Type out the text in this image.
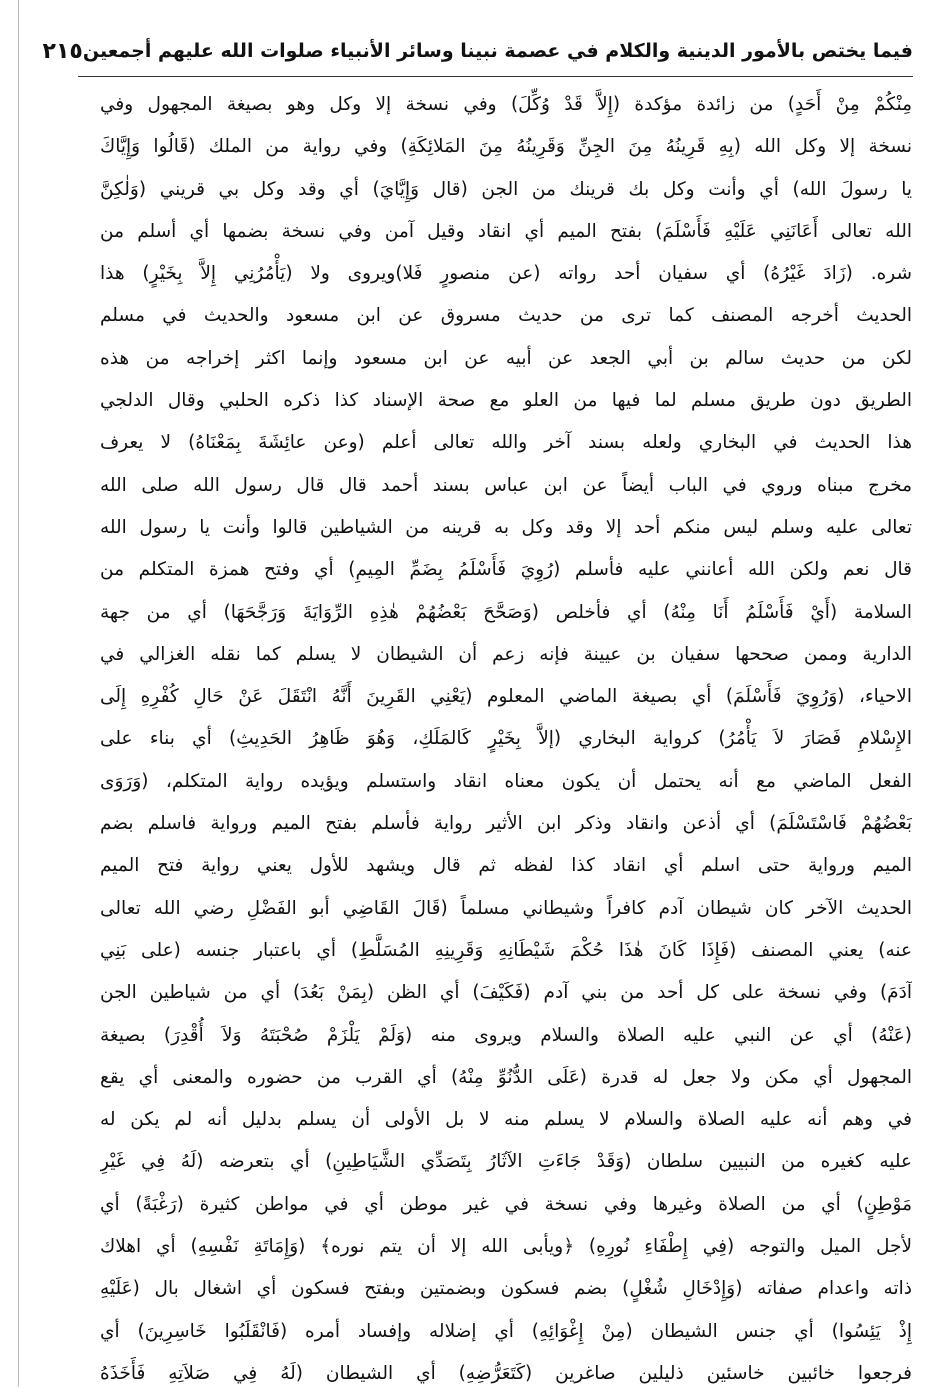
فيما يختص بالأمور الدينية والكلام في عصمة نبينا وسائر الأنبياء صلوات الله عليهم أجمعين
٢١٥
مِنْكُمْ مِنْ أَحَدٍ) من زائدة مؤكدة (إِلاَّ قَدْ وُكِّلَ) وفي نسخة إلا وكل وهو بصيغة المجهول وفي
نسخة إلا وكل الله (بِهِ قَرِينُهُ مِنَ الجِنِّ وَقَرِينُهُ مِنَ المَلائِكَةِ) وفي رواية من الملك (قَالُوا وَإِيَّاكَ
يا رسولَ الله) أي وأنت وكل بك قرينك من الجن (قال وَإِيَّايَ) أي وقد وكل بي قريني (وَلٰكِنَّ
الله تعالى أَعَانَنِي عَلَيْهِ فَأَسْلَمَ) بفتح الميم أي انقاد وقيل آمن وفي نسخة بضمها أي أسلم من
شره. (زَادَ غَيْرُهُ) أي سفيان أحد رواته (عن منصورٍ فَلا)ويروى ولا (يَأْمُرُنِي إِلاَّ بِخَيْرٍ) هذا
الحديث أخرجه المصنف كما ترى من حديث مسروق عن ابن مسعود والحديث في مسلم
لكن من حديث سالم بن أبي الجعد عن أبيه عن ابن مسعود وإنما اكثر إخراجه من هذه
الطريق دون طريق مسلم لما فيها من العلو مع صحة الإسناد كذا ذكره الحلبي وقال الدلجي
هذا الحديث في البخاري ولعله بسند آخر والله تعالى أعلم (وعن عائِشَةَ بِمَعْنَاهُ) لا يعرف
مخرج مبناه وروي في الباب أيضاً عن ابن عباس بسند أحمد قال قال رسول الله صلى الله
تعالى عليه وسلم ليس منكم أحد إلا وقد وكل به قرينه من الشياطين قالوا وأنت يا رسول الله
قال نعم ولكن الله أعانني عليه فأسلم (رُوِيَ فَأَسْلَمُ بِضَمِّ المِيمِ) أي وفتح همزة المتكلم من
السلامة (أَيْ فَأَسْلَمُ أَنَا مِنْهُ) أي فأخلص (وَصَحَّحَ بَعْضُهُمْ هٰذِهِ الرِّوَايَةَ وَرَجَّحَهَا) أي من جهة
الدارية وممن صححها سفيان بن عيينة فإنه زعم أن الشيطان لا يسلم كما نقله الغزالي في
الاحياء، (وَرُوِيَ فَأَسْلَمَ) أي بصيغة الماضي المعلوم (يَعْنِي القَرِينَ أَنَّهُ انْتَقَلَ عَنْ حَالِ كُفْرِهِ إِلَى
الإِسْلامِ فَصَارَ لاَ يَأْمُرُ) كرواية البخاري (إلاَّ بِخَيْرٍ كَالمَلَكِ، وَهُوَ ظَاهِرُ الحَدِيثِ) أي بناء على
الفعل الماضي مع أنه يحتمل أن يكون معناه انقاد واستسلم ويؤيده رواية المتكلم، (وَرَوَى
بَعْضُهُمْ فَاسْتَسْلَمَ) أي أذعن وانقاد وذكر ابن الأثير رواية فأسلم بفتح الميم ورواية فاسلم بضم
الميم ورواية حتى اسلم أي انقاد كذا لفظه ثم قال ويشهد للأول يعني رواية فتح الميم
الحديث الآخر كان شيطان آدم كافراً وشيطاني مسلماً (قَالَ القَاضِي أبو الفَضْلِ رضي الله تعالى
عنه) يعني المصنف (فَإِذَا كَانَ هٰذَا حُكْمَ شَيْطَانِهِ وَقَرِينِهِ المُسَلَّطِ) أي باعتبار جنسه (على بَنِي
آدَمَ) وفي نسخة على كل أحد من بني آدم (فَكَيْفَ) أي الظن (بِمَنْ بَعُدَ) أي من شياطين الجن
(عَنْهُ) أي عن النبي عليه الصلاة والسلام ويروى منه (وَلَمْ يَلْزَمْ صُحْبَتَهُ وَلاَ أُقْدِرَ) بصيغة
المجهول أي مكن ولا جعل له قدرة (عَلَى الدُّنُوِّ مِنْهُ) أي القرب من حضوره والمعنى أي يقع
في وهم أنه عليه الصلاة والسلام لا يسلم منه لا بل الأولى أن يسلم بدليل أنه لم يكن له
عليه كغيره من النبيين سلطان (وَقَدْ جَاءَتِ الآثَارُ بِتَصَدِّي الشَّيَاطِينِ) أي بتعرضه (لَهُ فِي غَيْرِ
مَوْطِنٍ) أي من الصلاة وغيرها وفي نسخة في غير موطن أي في مواطن كثيرة (رَغْبَةً) أي
لأجل الميل والتوجه (فِي إِطْفَاءِ نُورِهِ) ﴿ويأبى الله إلا أن يتم نوره﴾ (وَإِمَاتَةِ نَفْسِهِ) أي اهلاك
ذاته واعدام صفاته (وَإِدْخَالِ شُغْلٍ) بضم فسكون وبضمتين وبفتح فسكون أي اشغال بال (عَلَيْهِ
إِذْ يَئِسُوا) أي جنس الشيطان (مِنْ إِغْوَائِهِ) أي إضلاله وإفساد أمره (فَانْقَلَبُوا خَاسِرِينَ) أي
فرجعوا خائبين خاسئين ذليلين صاغرين (كَتَعَرُّضِهِ) أي الشيطان (لَهُ فِي صَلاَتِهِ فَأَخَذَهُ
